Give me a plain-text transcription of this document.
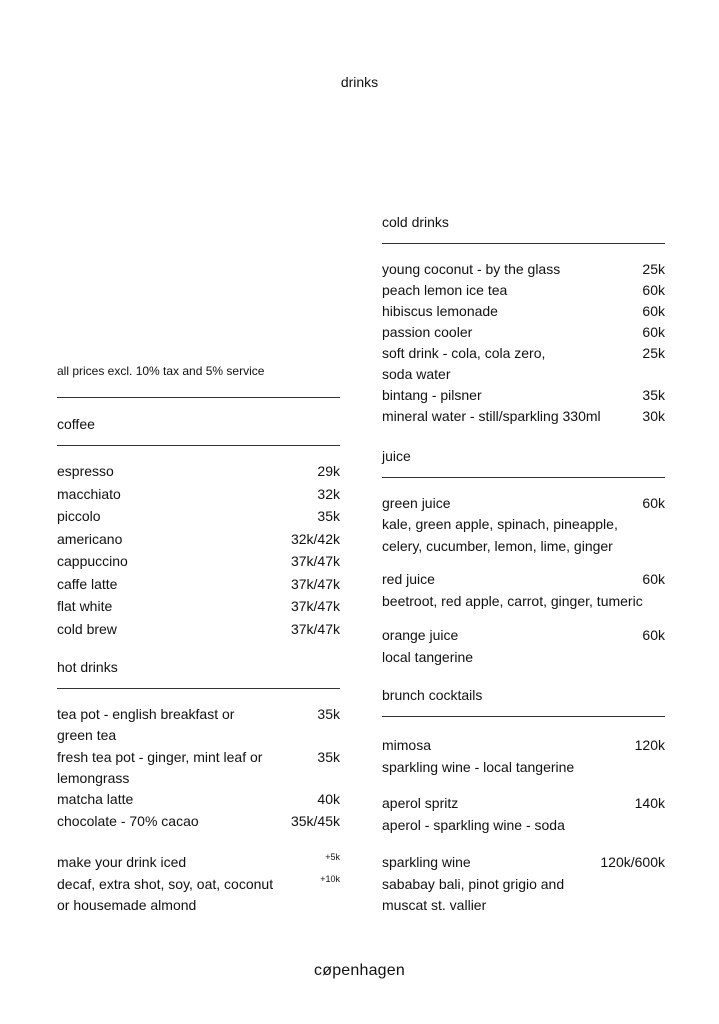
drinks
all prices excl. 10% tax and 5% service
coffee
espresso	29k
macchiato	32k
piccolo	35k
americano	32k/42k
cappuccino	37k/47k
caffe latte	37k/47k
flat white	37k/47k
cold brew	37k/47k
hot drinks
tea pot - english breakfast or	35k
green tea
fresh tea pot - ginger, mint leaf or	35k
lemongrass
matcha latte	40k
chocolate - 70% cacao	35k/45k
make your drink iced	+5k
decaf, extra shot, soy, oat, coconut	+10k
or housemade almond
cold drinks
young coconut - by the glass	25k
peach lemon ice tea	60k
hibiscus lemonade	60k
passion cooler	60k
soft drink - cola, cola zero,	25k
soda water
bintang - pilsner	35k
mineral water - still/sparkling 330ml	30k
juice
green juice	60k
kale, green apple, spinach, pineapple,
celery, cucumber, lemon, lime, ginger
red juice	60k
beetroot, red apple, carrot, ginger, tumeric
orange juice	60k
local tangerine
brunch cocktails
mimosa	120k
sparkling wine - local tangerine
aperol spritz	140k
aperol - sparkling wine - soda
sparkling wine	120k/600k
sababay bali, pinot grigio and
muscat st. vallier
cøpenhagen
